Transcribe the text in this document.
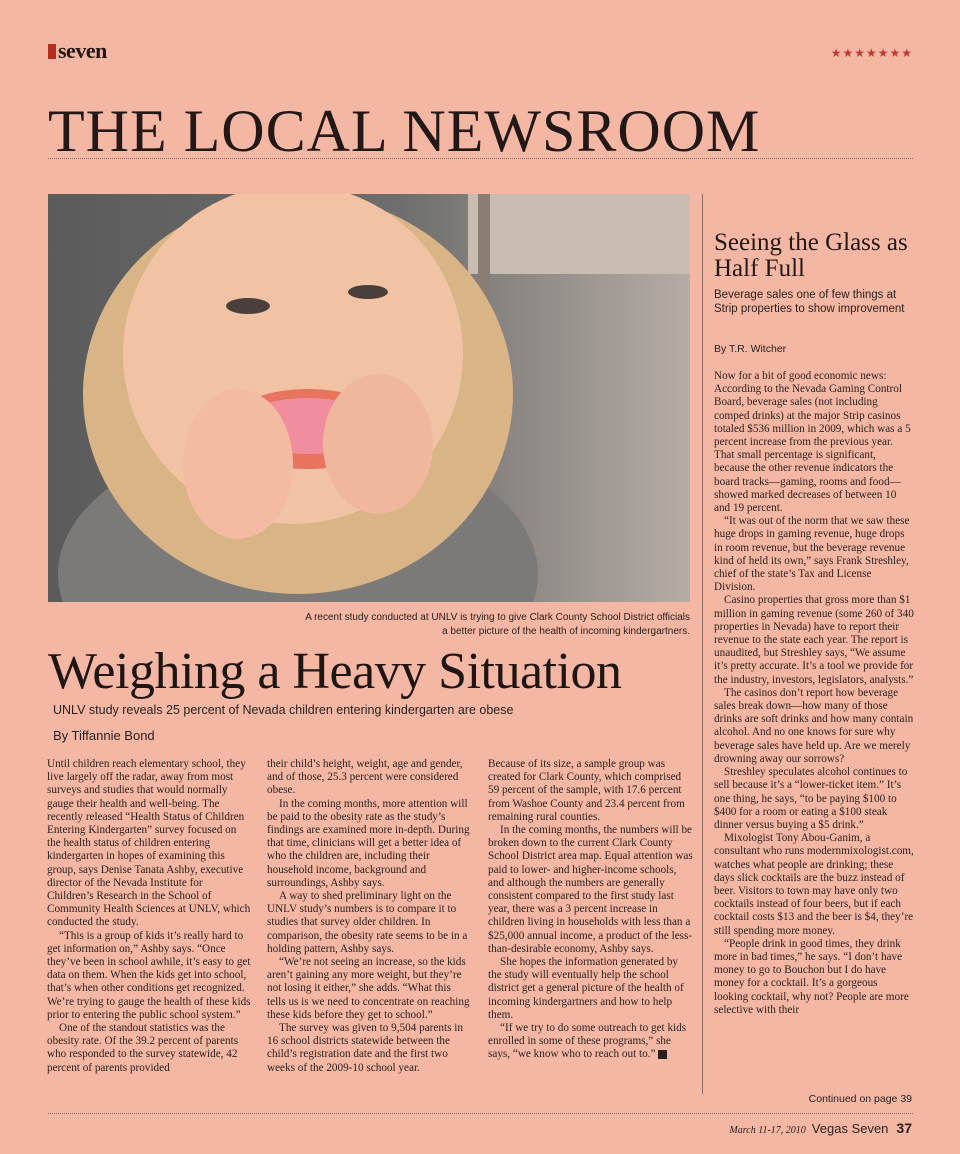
seven	★★★★★★★
THE LOCAL NEWSROOM
A recent study conducted at UNLV is trying to give Clark County School District officials a better picture of the health of incoming kindergartners.
Weighing a Heavy Situation
UNLV study reveals 25 percent of Nevada children entering kindergarten are obese
By Tiffannie Bond

Until children reach elementary school, they live largely off the radar, away from most surveys and studies that would normally gauge their health and well-being. The recently released “Health Status of Children Entering Kindergarten” survey focused on the health status of children entering kindergarten in hopes of examining this group, says Denise Tanata Ashby, executive director of the Nevada Institute for Children’s Research in the School of Community Health Sciences at UNLV, which conducted the study.

“This is a group of kids it’s really hard to get information on,” Ashby says. “Once they’ve been in school awhile, it’s easy to get data on them. When the kids get into school, that’s when other conditions get recognized. We’re trying to gauge the health of these kids prior to entering the public school system.”

One of the standout statistics was the obesity rate. Of the 39.2 percent of parents who responded to the survey statewide, 42 percent of parents provided

their child’s height, weight, age and gender, and of those, 25.3 percent were considered obese.

In the coming months, more attention will be paid to the obesity rate as the study’s findings are examined more in-depth. During that time, clinicians will get a better idea of who the children are, including their household income, background and surroundings, Ashby says.

A way to shed preliminary light on the UNLV study’s numbers is to compare it to studies that survey older children. In comparison, the obesity rate seems to be in a holding pattern, Ashby says.

“We’re not seeing an increase, so the kids aren’t gaining any more weight, but they’re not losing it either,” she adds. “What this tells us is we need to concentrate on reaching these kids before they get to school.”

The survey was given to 9,504 parents in 16 school districts statewide between the child’s registration date and the first two weeks of the 2009-10 school year.

Because of its size, a sample group was created for Clark County, which comprised 59 percent of the sample, with 17.6 percent from Washoe County and 23.4 percent from remaining rural counties.

In the coming months, the numbers will be broken down to the current Clark County School District area map. Equal attention was paid to lower- and higher-income schools, and although the numbers are generally consistent compared to the first study last year, there was a 3 percent increase in children living in households with less than a $25,000 annual income, a product of the less-than-desirable economy, Ashby says.

She hopes the information generated by the study will eventually help the school district get a general picture of the health of incoming kindergartners and how to help them.

“If we try to do some outreach to get kids enrolled in some of these programs,” she says, “we know who to reach out to.” 7

Seeing the Glass as Half Full
Beverage sales one of few things at Strip properties to show improvement
By T.R. Witcher

Now for a bit of good economic news: According to the Nevada Gaming Control Board, beverage sales (not including comped drinks) at the major Strip casinos totaled $536 million in 2009, which was a 5 percent increase from the previous year. That small percentage is significant, because the other revenue indicators the board tracks—gaming, rooms and food—showed marked decreases of between 10 and 19 percent.

“It was out of the norm that we saw these huge drops in gaming revenue, huge drops in room revenue, but the beverage revenue kind of held its own,” says Frank Streshley, chief of the state’s Tax and License Division.

Casino properties that gross more than $1 million in gaming revenue (some 260 of 340 properties in Nevada) have to report their revenue to the state each year. The report is unaudited, but Streshley says, “We assume it’s pretty accurate. It’s a tool we provide for the industry, investors, legislators, analysts.”

The casinos don’t report how beverage sales break down—how many of those drinks are soft drinks and how many contain alcohol. And no one knows for sure why beverage sales have held up. Are we merely drowning away our sorrows?

Streshley speculates alcohol continues to sell because it’s a “lower-ticket item.” It’s one thing, he says, “to be paying $100 to $400 for a room or eating a $100 steak dinner versus buying a $5 drink.”

Mixologist Tony Abou-Ganim, a consultant who runs modernmixologist.com, watches what people are drinking; these days slick cocktails are the buzz instead of beer. Visitors to town may have only two cocktails instead of four beers, but if each cocktail costs $13 and the beer is $4, they’re still spending more money.

“People drink in good times, they drink more in bad times,” he says. “I don’t have money to go to Bouchon but I do have money for a cocktail. It’s a gorgeous looking cocktail, why not? People are more selective with their

Continued on page 39
March 11-17, 2010 Vegas Seven 37
